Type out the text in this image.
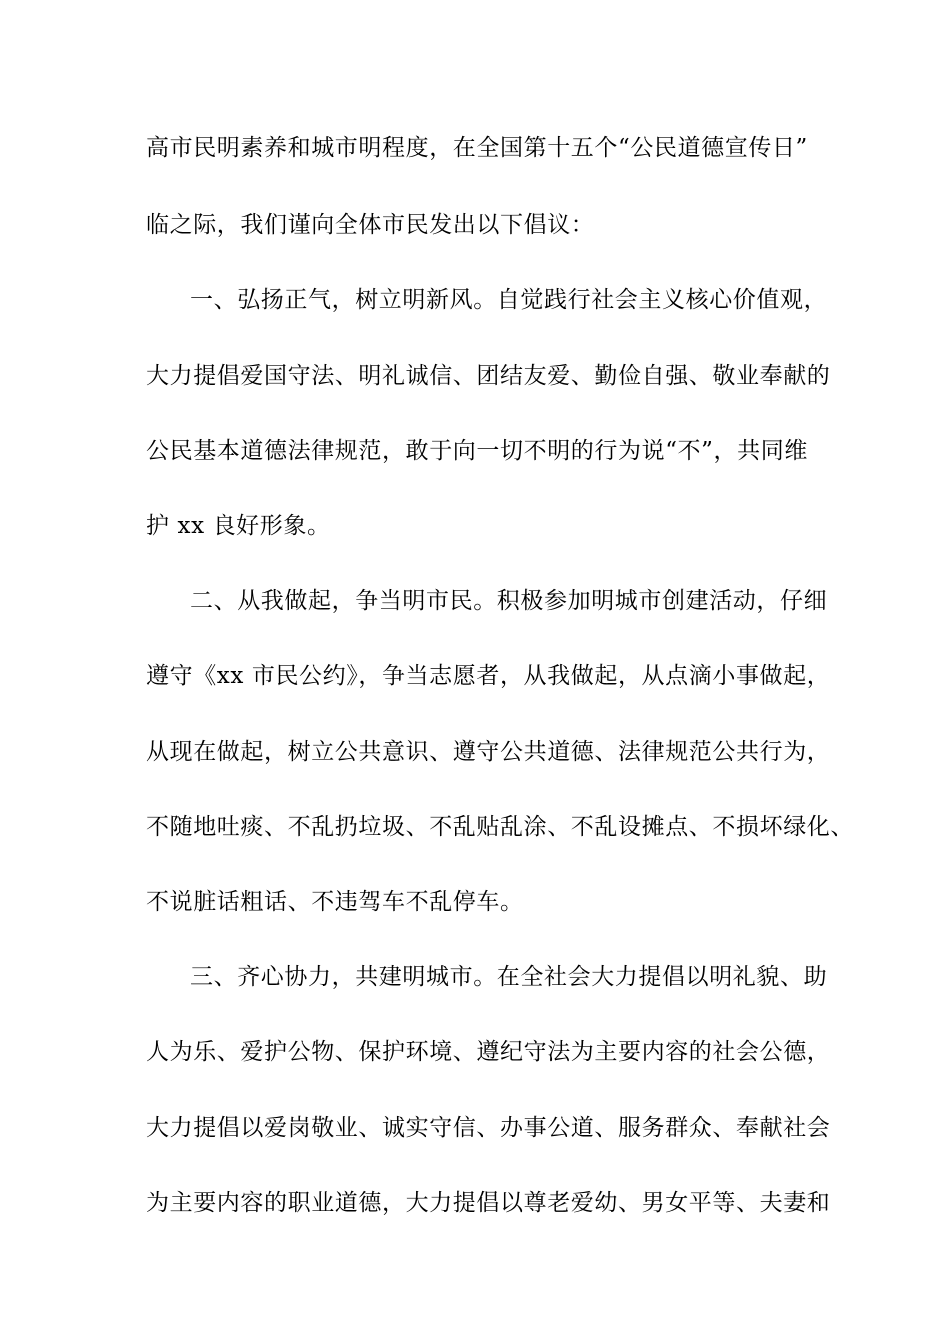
高市民明素养和城市明程度，在全国第十五个“公民道德宣传日”

临之际，我们谨向全体市民发出以下倡议：

一、弘扬正气，树立明新风。自觉践行社会主义核心价值观，

大力提倡爱国守法、明礼诚信、团结友爱、勤俭自强、敬业奉献的

公民基本道德法律规范，敢于向一切不明的行为说“不”，共同维

护 xx 良好形象。

二、从我做起，争当明市民。积极参加明城市创建活动，仔细

遵守《xx 市民公约》，争当志愿者，从我做起，从点滴小事做起，

从现在做起，树立公共意识、遵守公共道德、法律规范公共行为，

不随地吐痰、不乱扔垃圾、不乱贴乱涂、不乱设摊点、不损坏绿化、

不说脏话粗话、不违驾车不乱停车。

三、齐心协力，共建明城市。在全社会大力提倡以明礼貌、助

人为乐、爱护公物、保护环境、遵纪守法为主要内容的社会公德，

大力提倡以爱岗敬业、诚实守信、办事公道、服务群众、奉献社会

为主要内容的职业道德，大力提倡以尊老爱幼、男女平等、夫妻和
